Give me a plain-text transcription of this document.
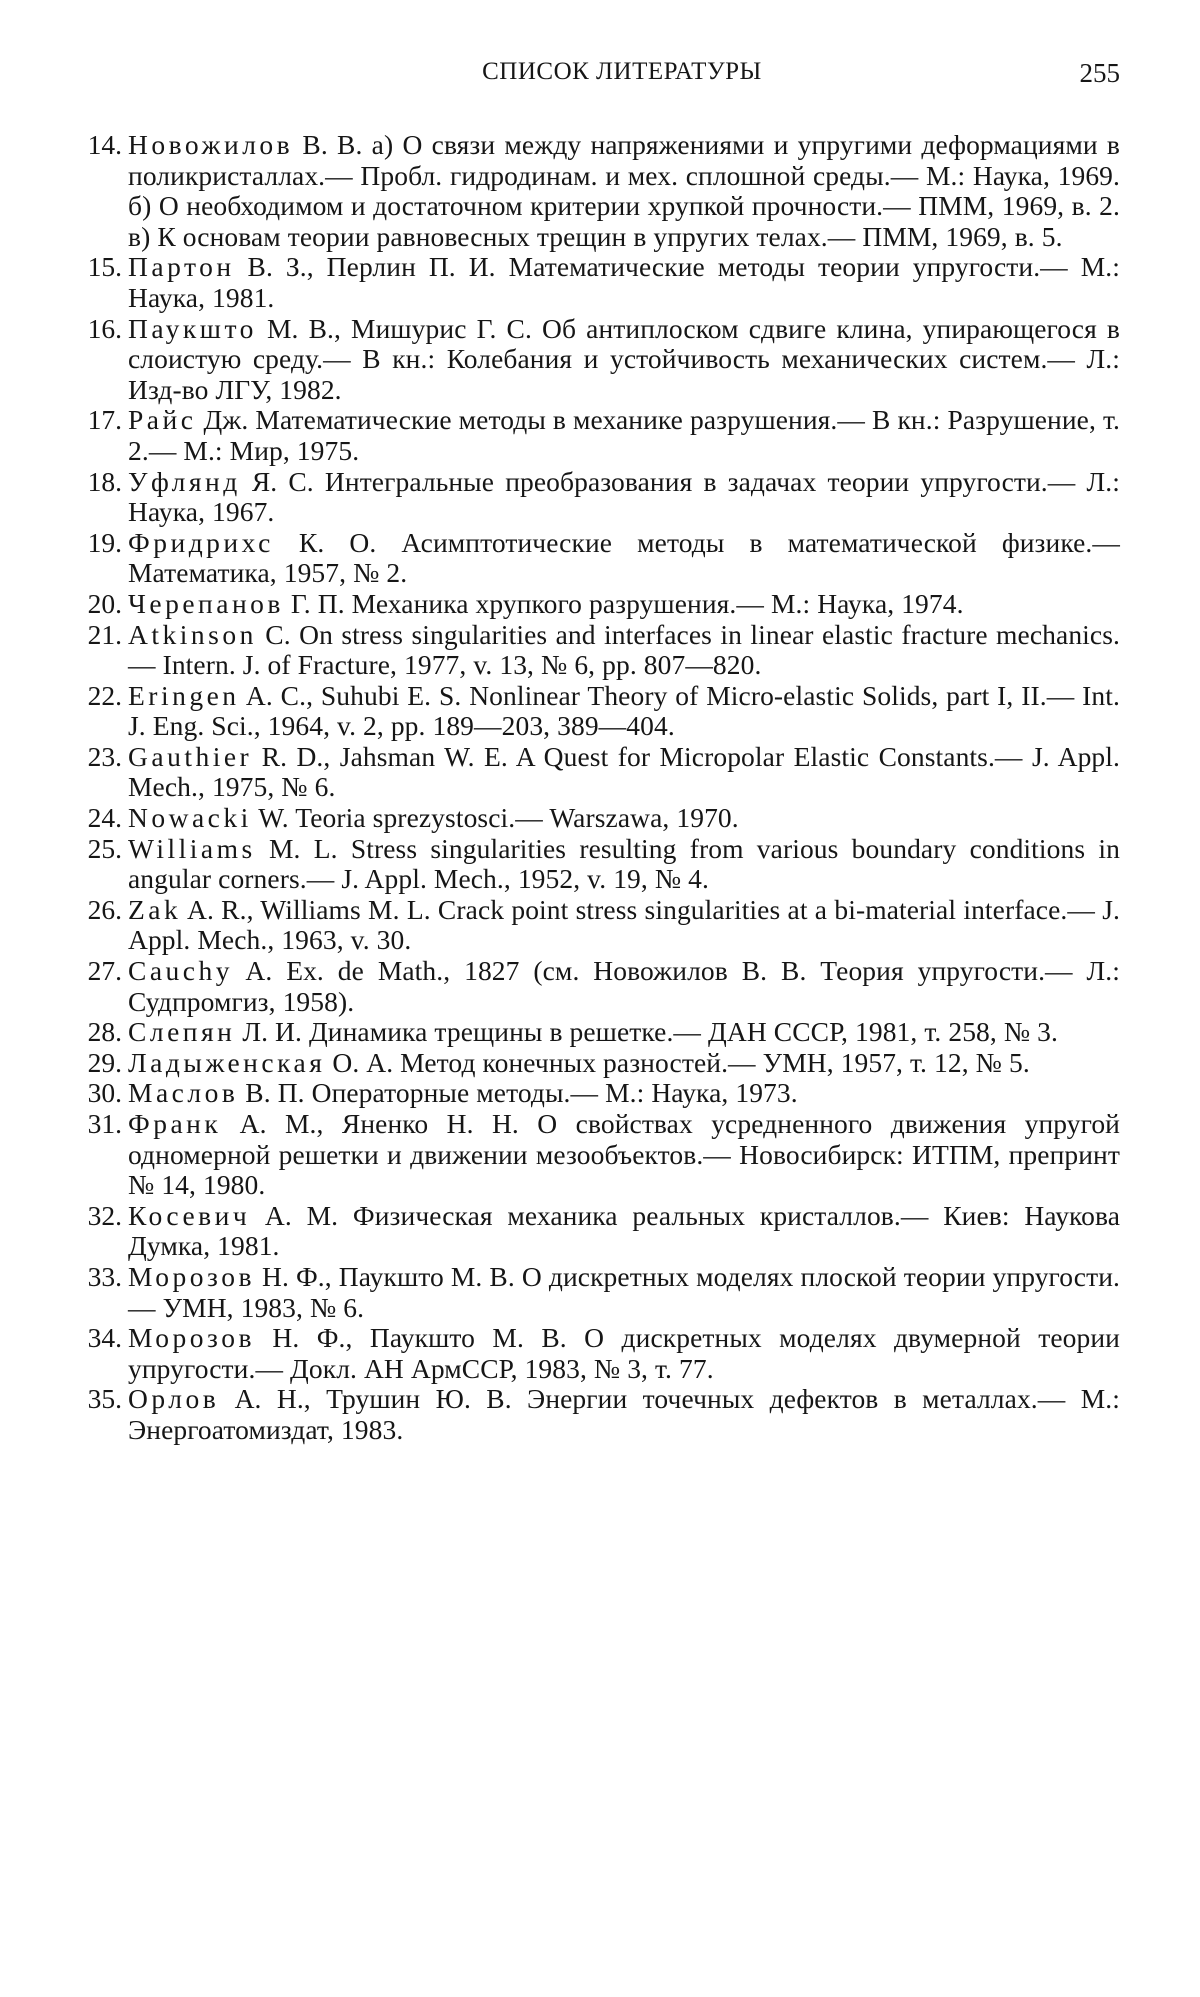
СПИСОК ЛИТЕРАТУРЫ	255
14. Новожилов В. В. а) О связи между напряжениями и упругими деформациями в поликристаллах.— Пробл. гидродинам. и мех. сплошной среды.— М.: Наука, 1969. б) О необходимом и достаточном критерии хрупкой прочности.— ПММ, 1969, в. 2. в) К основам теории равновесных трещин в упругих телах.— ПММ, 1969, в. 5.
15. Партон В. З., Перлин П. И. Математические методы теории упругости.— М.: Наука, 1981.
16. Паукшто М. В., Мишурис Г. С. Об антиплоском сдвиге клина, упирающегося в слоистую среду.— В кн.: Колебания и устойчивость механических систем.— Л.: Изд-во ЛГУ, 1982.
17. Райс Дж. Математические методы в механике разрушения.— В кн.: Разрушение, т. 2.— М.: Мир, 1975.
18. Уфлянд Я. С. Интегральные преобразования в задачах теории упругости.— Л.: Наука, 1967.
19. Фридрихс К. О. Асимптотические методы в математической физике.— Математика, 1957, № 2.
20. Черепанов Г. П. Механика хрупкого разрушения.— М.: Наука, 1974.
21. Atkinson C. On stress singularities and interfaces in linear elastic fracture mechanics.— Intern. J. of Fracture, 1977, v. 13, № 6, pp. 807—820.
22. Eringen A. C., Suhubi E. S. Nonlinear Theory of Micro-elastic Solids, part I, II.— Int. J. Eng. Sci., 1964, v. 2, pp. 189—203, 389—404.
23. Gauthier R. D., Jahsman W. E. A Quest for Micropolar Elastic Constants.— J. Appl. Mech., 1975, № 6.
24. Nowacki W. Teoria sprezystosci.— Warszawa, 1970.
25. Williams M. L. Stress singularities resulting from various boundary conditions in angular corners.— J. Appl. Mech., 1952, v. 19, № 4.
26. Zak A. R., Williams M. L. Crack point stress singularities at a bi-material interface.— J. Appl. Mech., 1963, v. 30.
27. Cauchy A. Ex. de Math., 1827 (см. Новожилов В. В. Теория упругости.— Л.: Судпромгиз, 1958).
28. Слепян Л. И. Динамика трещины в решетке.— ДАН СССР, 1981, т. 258, № 3.
29. Ладыженская О. А. Метод конечных разностей.— УМН, 1957, т. 12, № 5.
30. Маслов В. П. Операторные методы.— М.: Наука, 1973.
31. Франк А. М., Яненко Н. Н. О свойствах усредненного движения упругой одномерной решетки и движении мезообъектов.— Новосибирск: ИТПМ, препринт № 14, 1980.
32. Косевич А. М. Физическая механика реальных кристаллов.— Киев: Наукова Думка, 1981.
33. Морозов Н. Ф., Паукшто М. В. О дискретных моделях плоской теории упругости.— УМН, 1983, № 6.
34. Морозов Н. Ф., Паукшто М. В. О дискретных моделях двумерной теории упругости.— Докл. АН АрмССР, 1983, № 3, т. 77.
35. Орлов А. Н., Трушин Ю. В. Энергии точечных дефектов в металлах.— М.: Энергоатомиздат, 1983.
